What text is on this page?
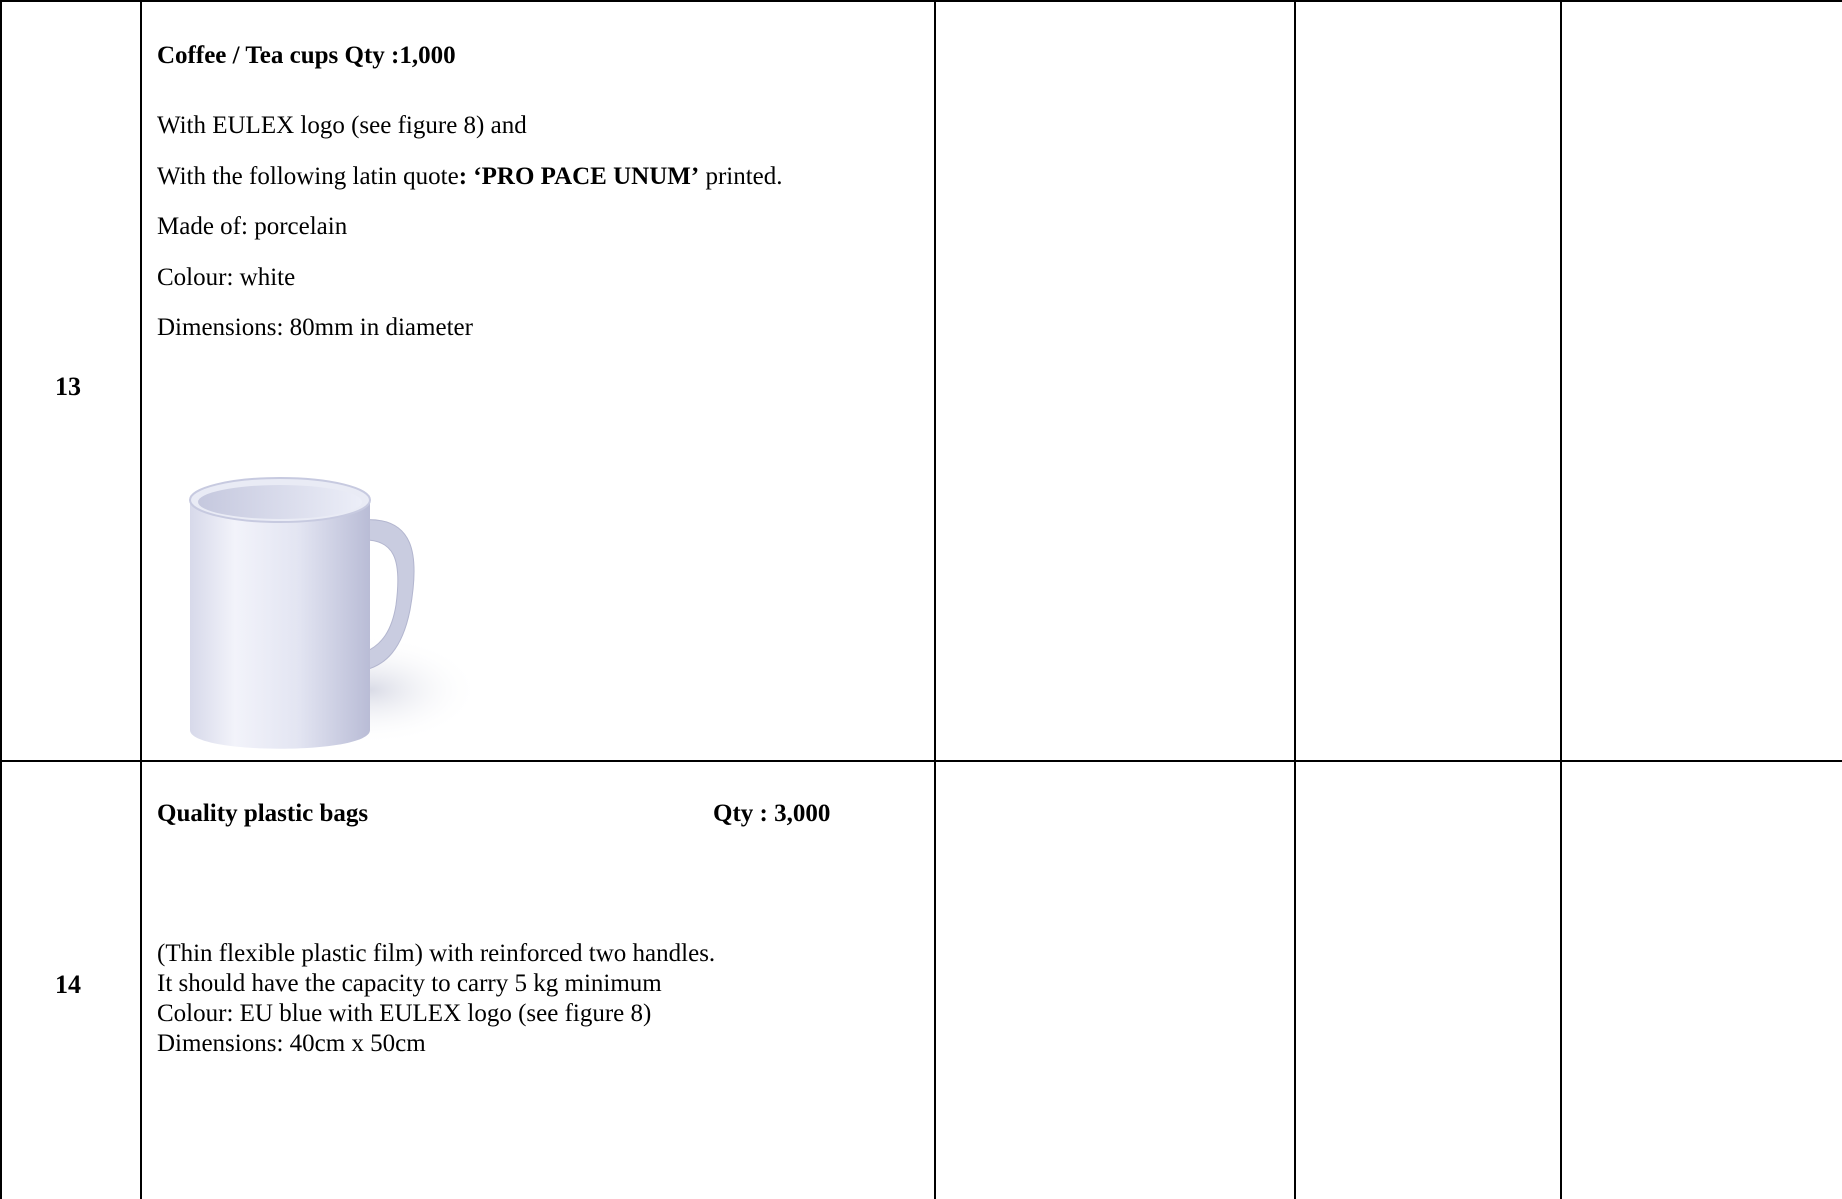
13
Coffee / Tea cups Qty :1,000
With EULEX logo (see figure 8) and
With the following latin quote: ‘PRO PACE UNUM’ printed.
Made of: porcelain
Colour: white
Dimensions: 80mm in diameter
14
Quality plastic bags	Qty : 3,000
(Thin flexible plastic film) with reinforced two handles.
It should have the capacity to carry 5 kg minimum
Colour: EU blue with EULEX logo (see figure 8)
Dimensions: 40cm x 50cm
